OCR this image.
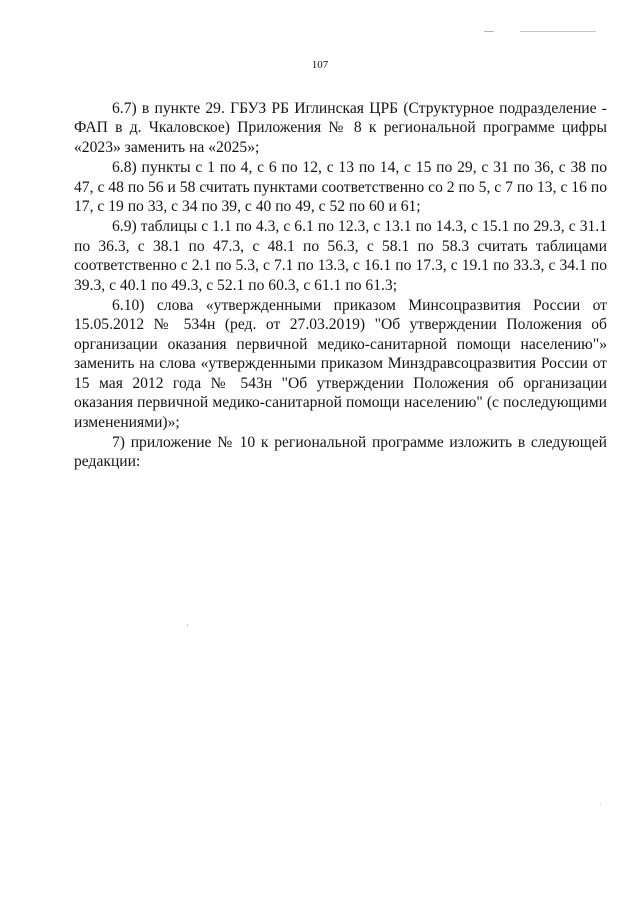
107

6.7) в пункте 29. ГБУЗ РБ Иглинская ЦРБ (Структурное подразделение - ФАП в д. Чкаловское) Приложения № 8 к региональной программе цифры «2023» заменить на «2025»;

6.8) пункты с 1 по 4, с 6 по 12, с 13 по 14, с 15 по 29, с 31 по 36, с 38 по 47, с 48 по 56 и 58 считать пунктами соответственно со 2 по 5, с 7 по 13, с 16 по 17, с 19 по 33, с 34 по 39, с 40 по 49, с 52 по 60 и 61;

6.9) таблицы с 1.1 по 4.3, с 6.1 по 12.3, с 13.1 по 14.3, с 15.1 по 29.3, с 31.1 по 36.3, с 38.1 по 47.3, с 48.1 по 56.3, с 58.1 по 58.3 считать таблицами соответственно с 2.1 по 5.3, с 7.1 по 13.3, с 16.1 по 17.3, с 19.1 по 33.3, с 34.1 по 39.3, с 40.1 по 49.3, с 52.1 по 60.3, с 61.1 по 61.3;

6.10) слова «утвержденными приказом Минсоцразвития России от 15.05.2012 № 534н (ред. от 27.03.2019) "Об утверждении Положения об организации оказания первичной медико-санитарной помощи населению"» заменить на слова «утвержденными приказом Минздравсоцразвития России от 15 мая 2012 года № 543н "Об утверждении Положения об организации оказания первичной медико-санитарной помощи населению" (с последующими изменениями)»;

7) приложение № 10 к региональной программе изложить в следующей редакции:
